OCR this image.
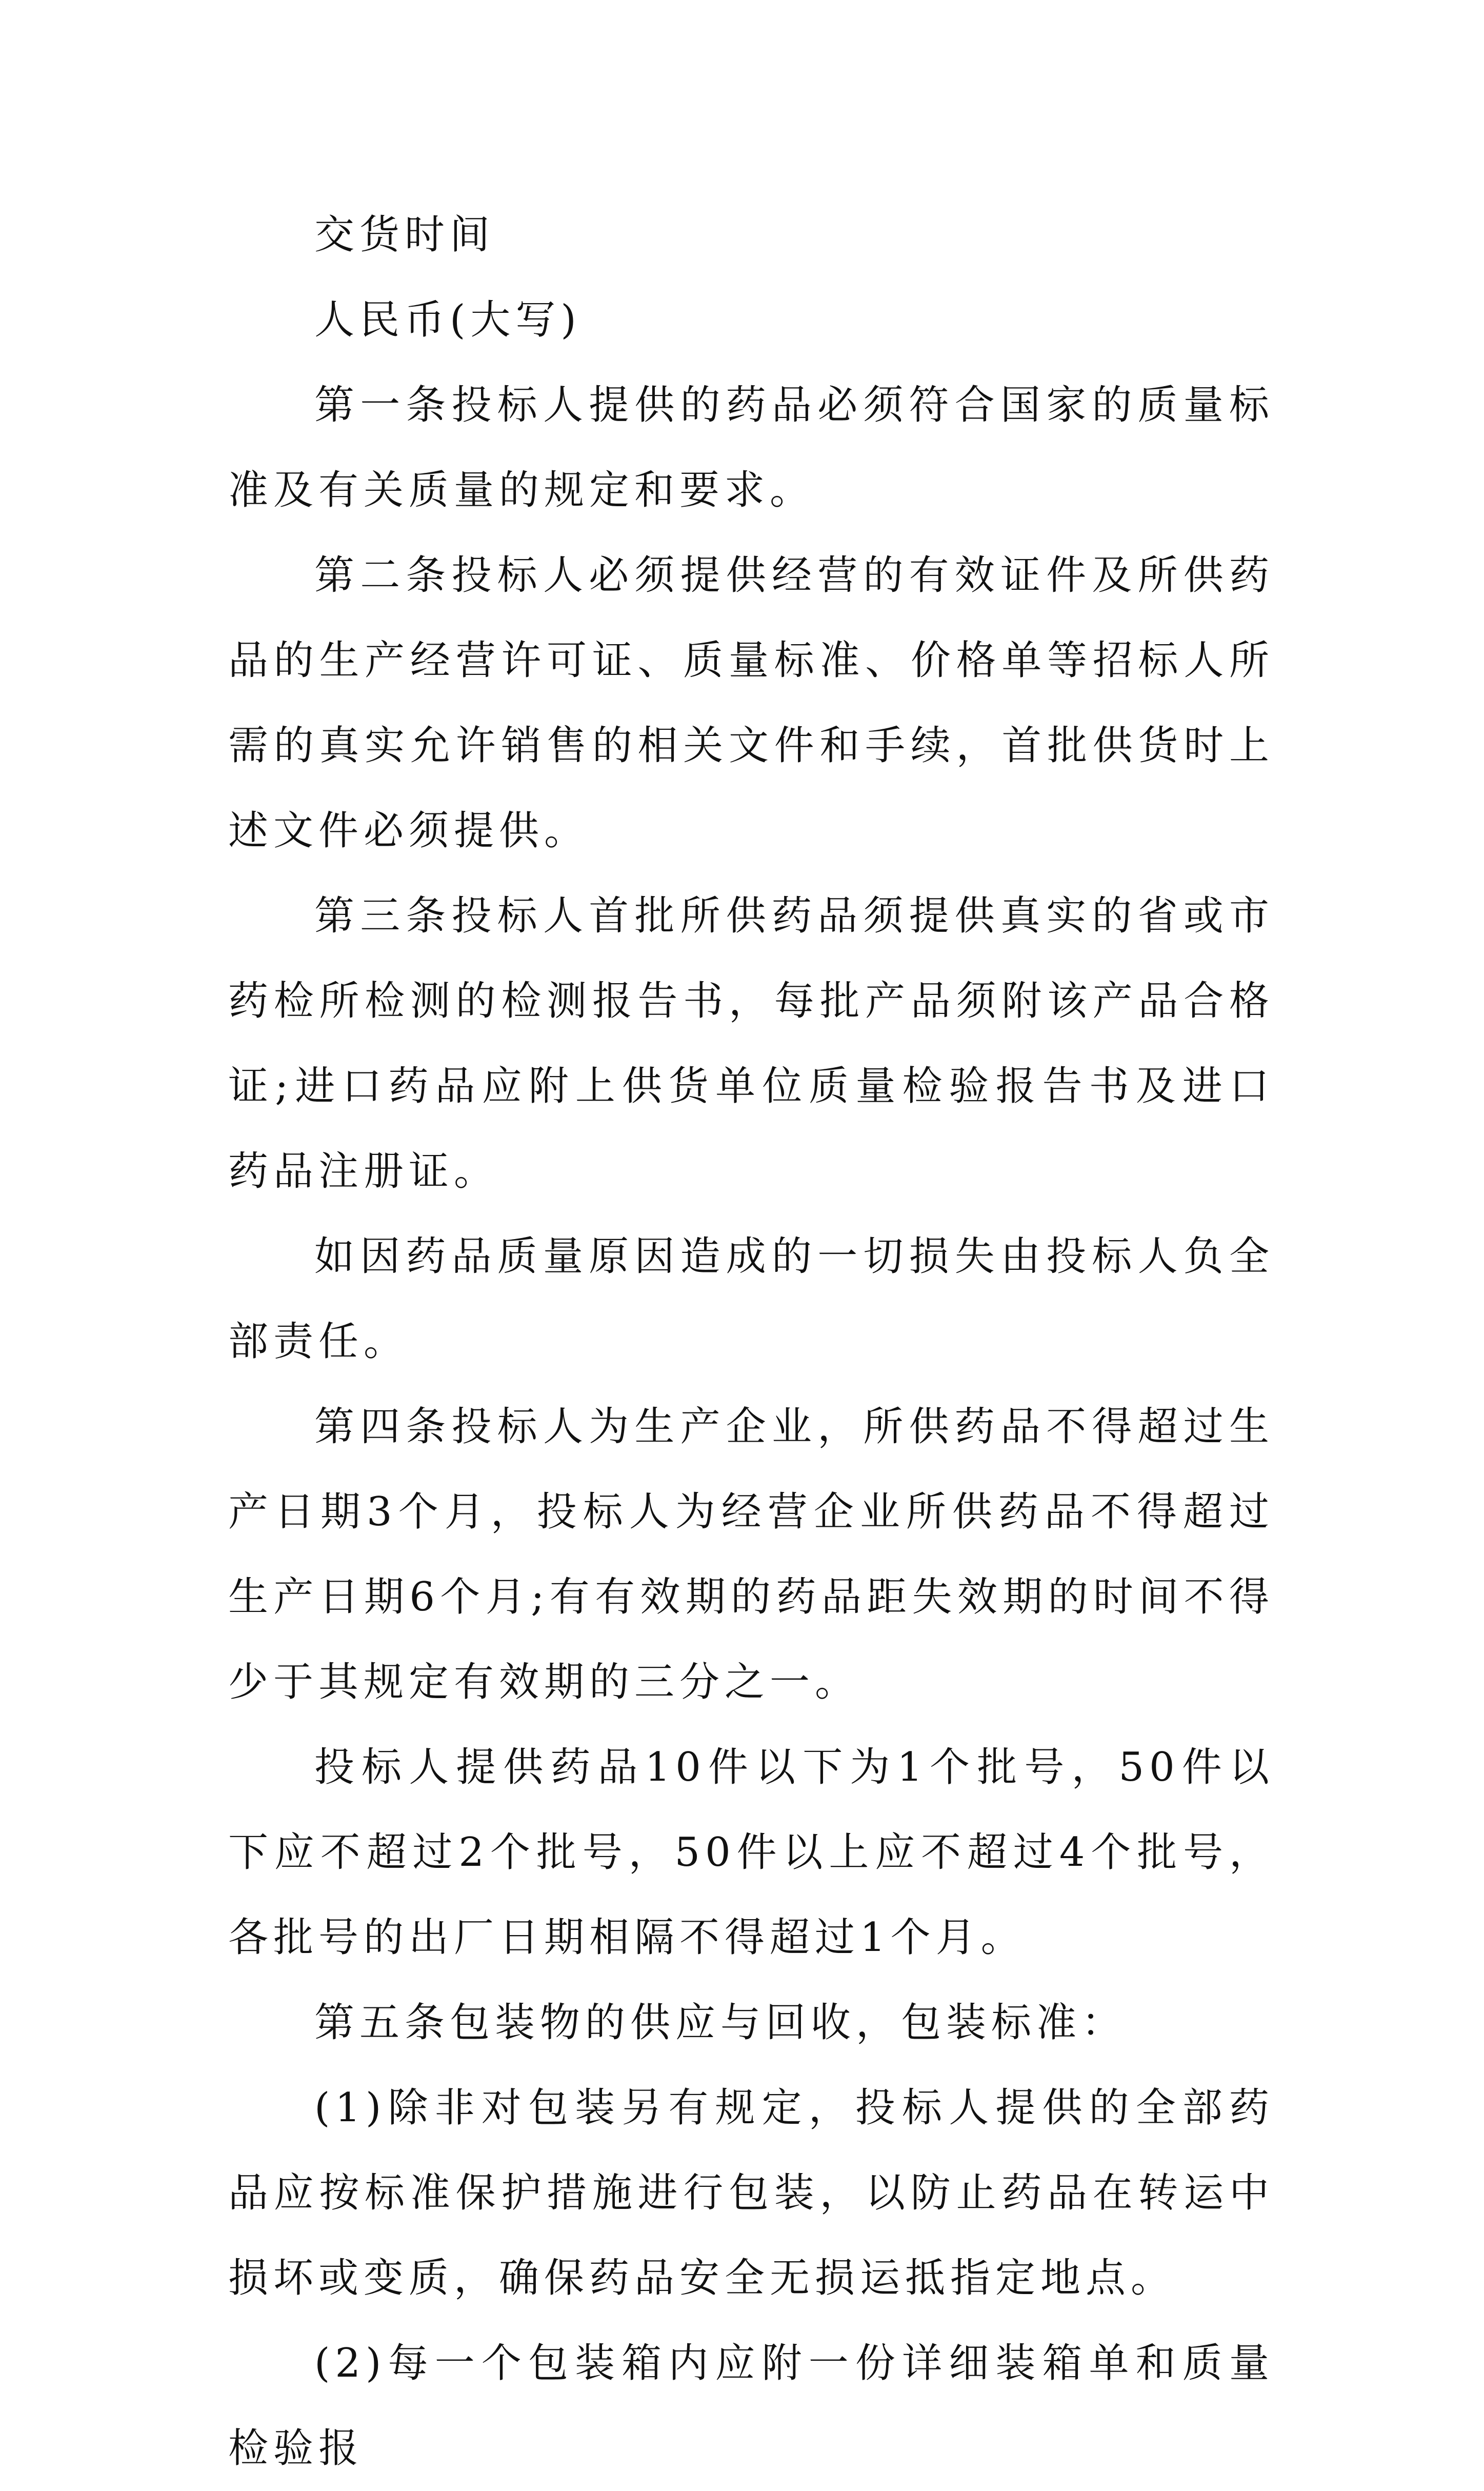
交货时间

人民币(大写)

第一条投标人提供的药品必须符合国家的质量标准及有关质量的规定和要求。

第二条投标人必须提供经营的有效证件及所供药品的生产经营许可证、质量标准、价格单等招标人所需的真实允许销售的相关文件和手续，首批供货时上述文件必须提供。

第三条投标人首批所供药品须提供真实的省或市药检所检测的检测报告书，每批产品须附该产品合格证;进口药品应附上供货单位质量检验报告书及进口药品注册证。

如因药品质量原因造成的一切损失由投标人负全部责任。

第四条投标人为生产企业，所供药品不得超过生产日期3个月，投标人为经营企业所供药品不得超过生产日期6个月;有有效期的药品距失效期的时间不得少于其规定有效期的三分之一。

投标人提供药品10件以下为1个批号，50件以下应不超过2个批号，50件以上应不超过4个批号，各批号的出厂日期相隔不得超过1个月。

第五条包装物的供应与回收，包装标准：

(1)除非对包装另有规定，投标人提供的全部药品应按标准保护措施进行包装，以防止药品在转运中损坏或变质，确保药品安全无损运抵指定地点。

(2)每一个包装箱内应附一份详细装箱单和质量检验报
